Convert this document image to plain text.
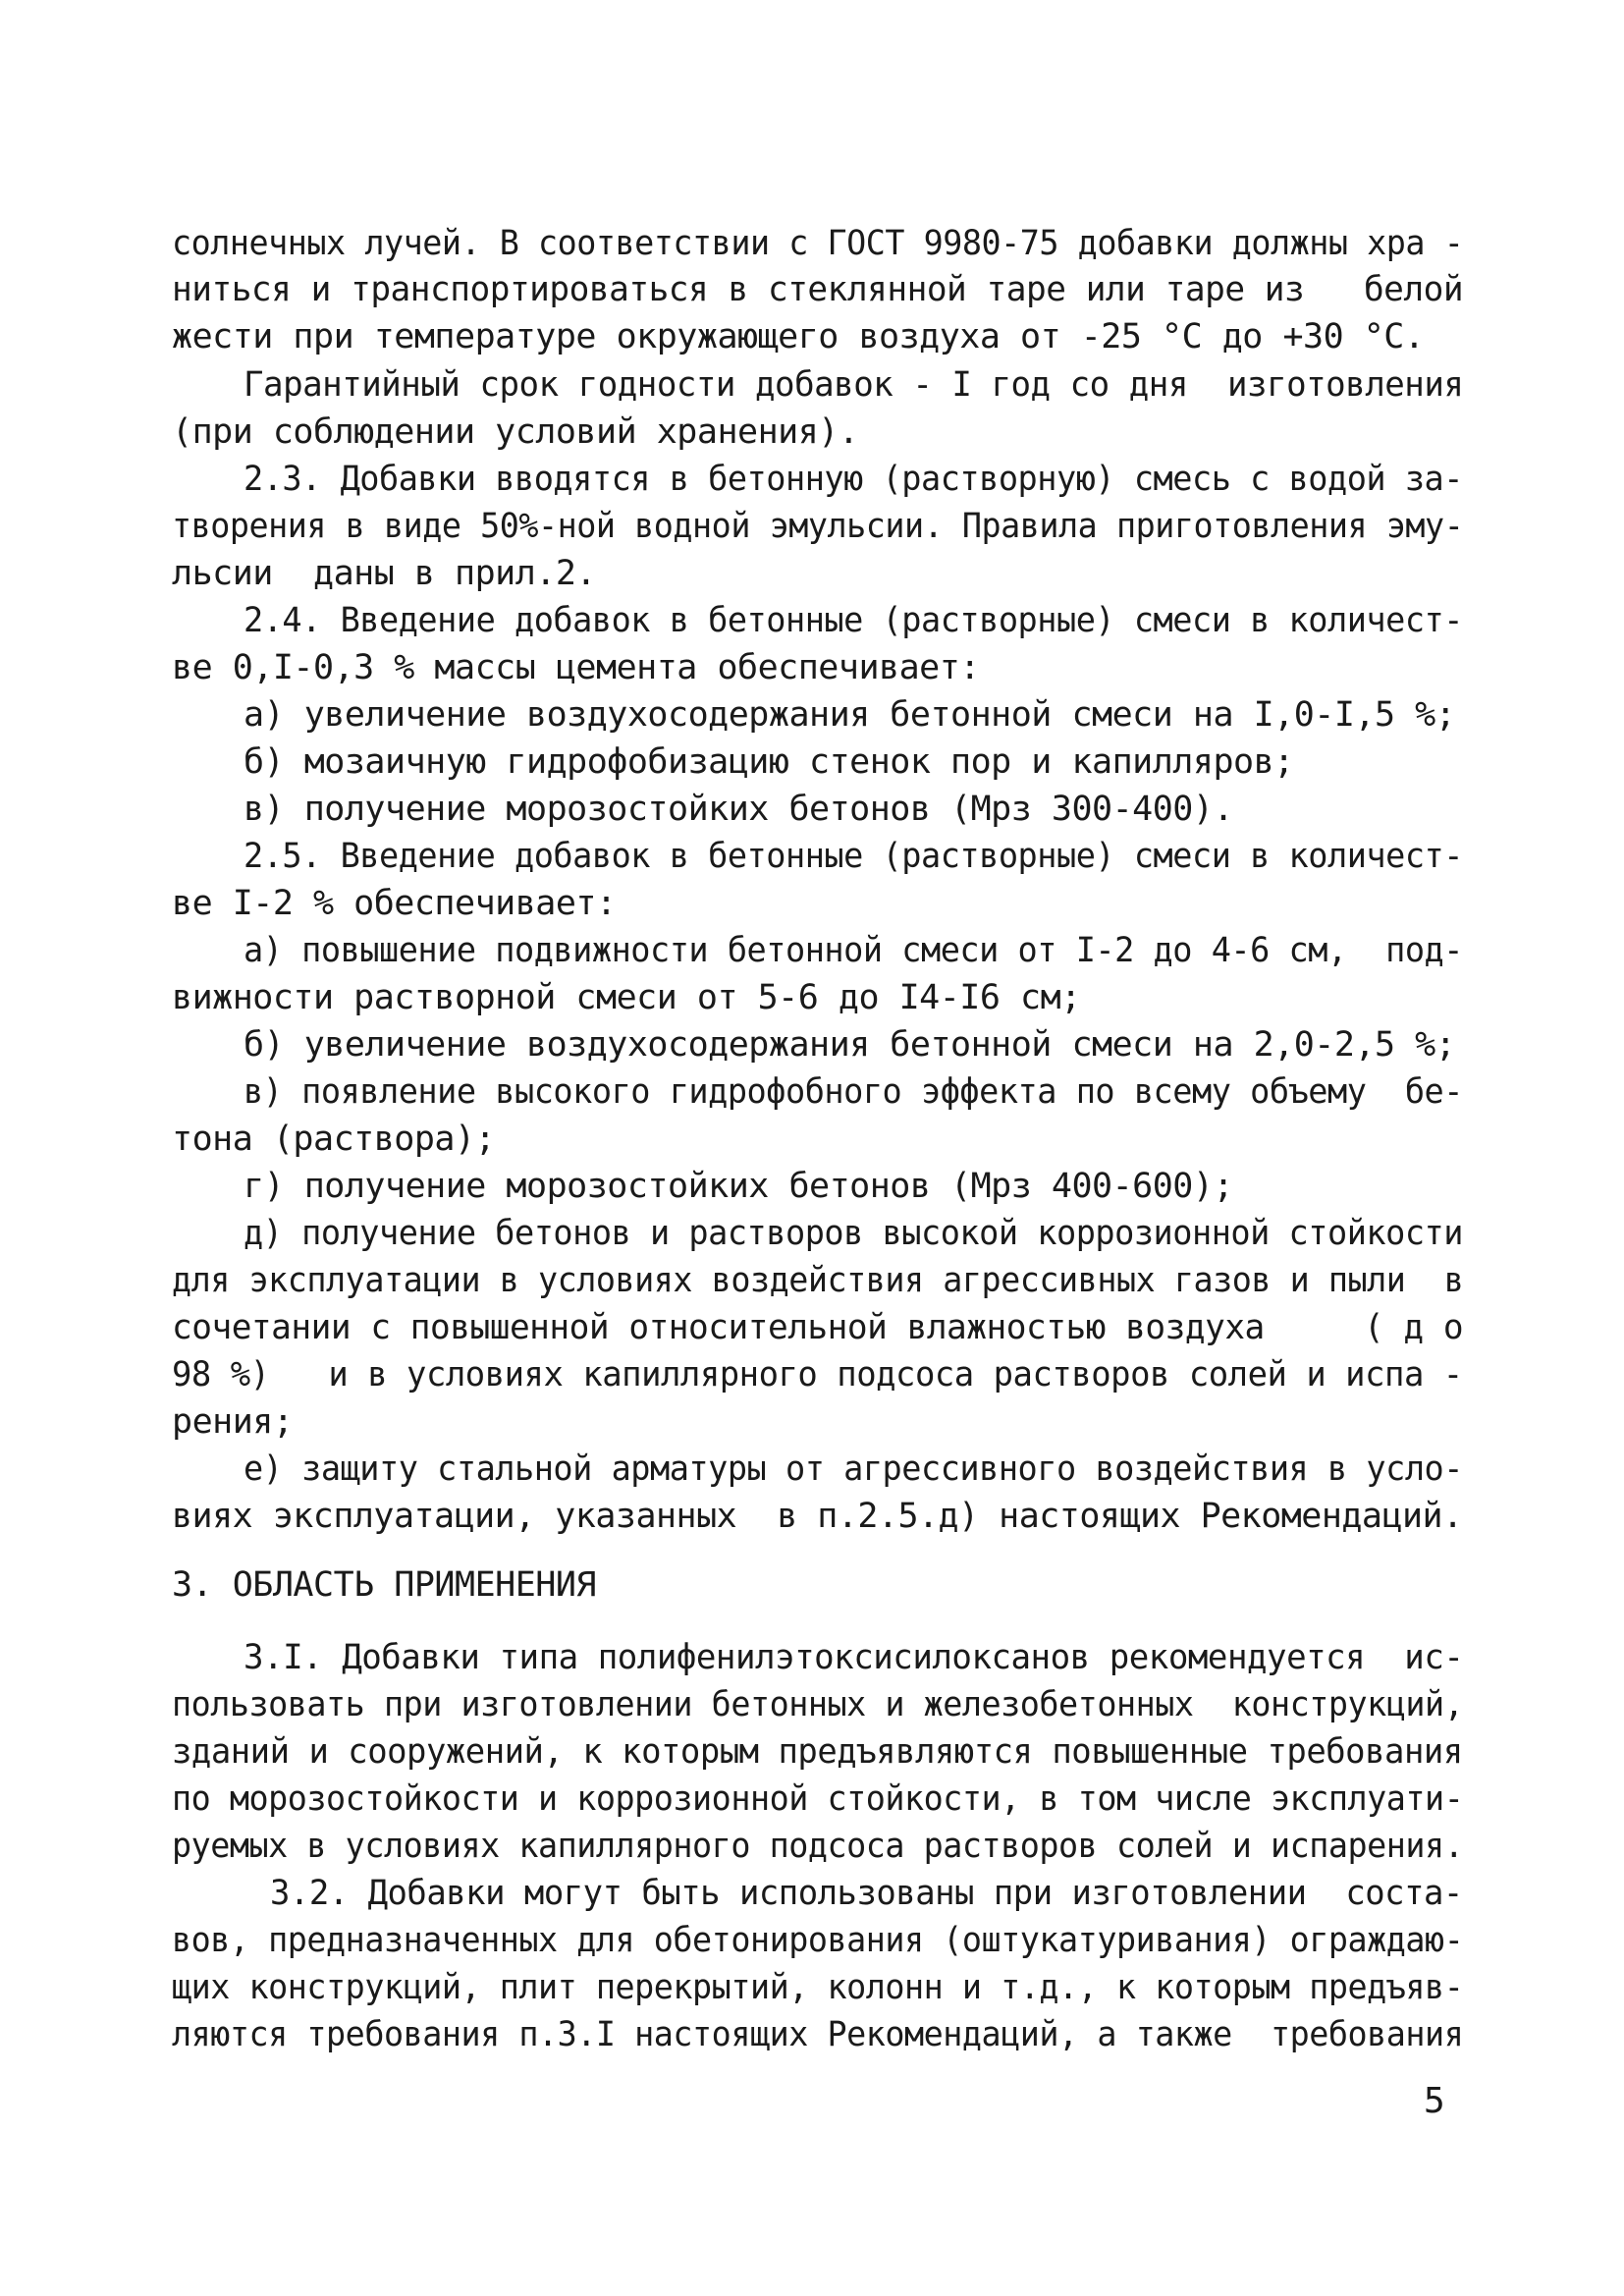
солнечных лучей. В соответствии с ГОСТ 9980-75 добавки должны хра -
ниться и транспортироваться в стеклянной таре или таре из   белой
жести при температуре окружающего воздуха от -25 °С до +30 °С.
Гарантийный срок годности добавок - I год со дня  изготовления
(при соблюдении условий хранения).
2.3. Добавки вводятся в бетонную (растворную) смесь с водой за-
творения в виде 50%-ной водной эмульсии. Правила приготовления эму-
льсии  даны в прил.2.
2.4. Введение добавок в бетонные (растворные) смеси в количест-
ве 0,I-0,3 % массы цемента обеспечивает:
а) увеличение воздухосодержания бетонной смеси на I,0-I,5 %;
б) мозаичную гидрофобизацию стенок пор и капилляров;
в) получение морозостойких бетонов (Мрз 300-400).
2.5. Введение добавок в бетонные (растворные) смеси в количест-
ве I-2 % обеспечивает:
а) повышение подвижности бетонной смеси от I-2 до 4-6 см,  под-
вижности растворной смеси от 5-6 до I4-I6 см;
б) увеличение воздухосодержания бетонной смеси на 2,0-2,5 %;
в) появление высокого гидрофобного эффекта по всему объему  бе-
тона (раствора);
г) получение морозостойких бетонов (Мрз 400-600);
д) получение бетонов и растворов высокой коррозионной стойкости
для эксплуатации в условиях воздействия агрессивных газов и пыли  в
сочетании с повышенной относительной влажностью воздуха     ( д о
98 %)   и в условиях капиллярного подсоса растворов солей и испа -
рения;
е) защиту стальной арматуры от агрессивного воздействия в усло-
виях эксплуатации, указанных  в п.2.5.д) настоящих Рекомендаций.
3. ОБЛАСТЬ ПРИМЕНЕНИЯ
3.I. Добавки типа полифенилэтоксисилоксанов рекомендуется  ис-
пользовать при изготовлении бетонных и железобетонных  конструкций,
зданий и сооружений, к которым предъявляются повышенные требования
по морозостойкости и коррозионной стойкости, в том числе эксплуати-
руемых в условиях капиллярного подсоса растворов солей и испарения.
3.2. Добавки могут быть использованы при изготовлении  соста-
вов, предназначенных для обетонирования (оштукатуривания) ограждаю-
щих конструкций, плит перекрытий, колонн и т.д., к которым предъяв-
ляются требования п.3.I настоящих Рекомендаций, а также  требования
5
